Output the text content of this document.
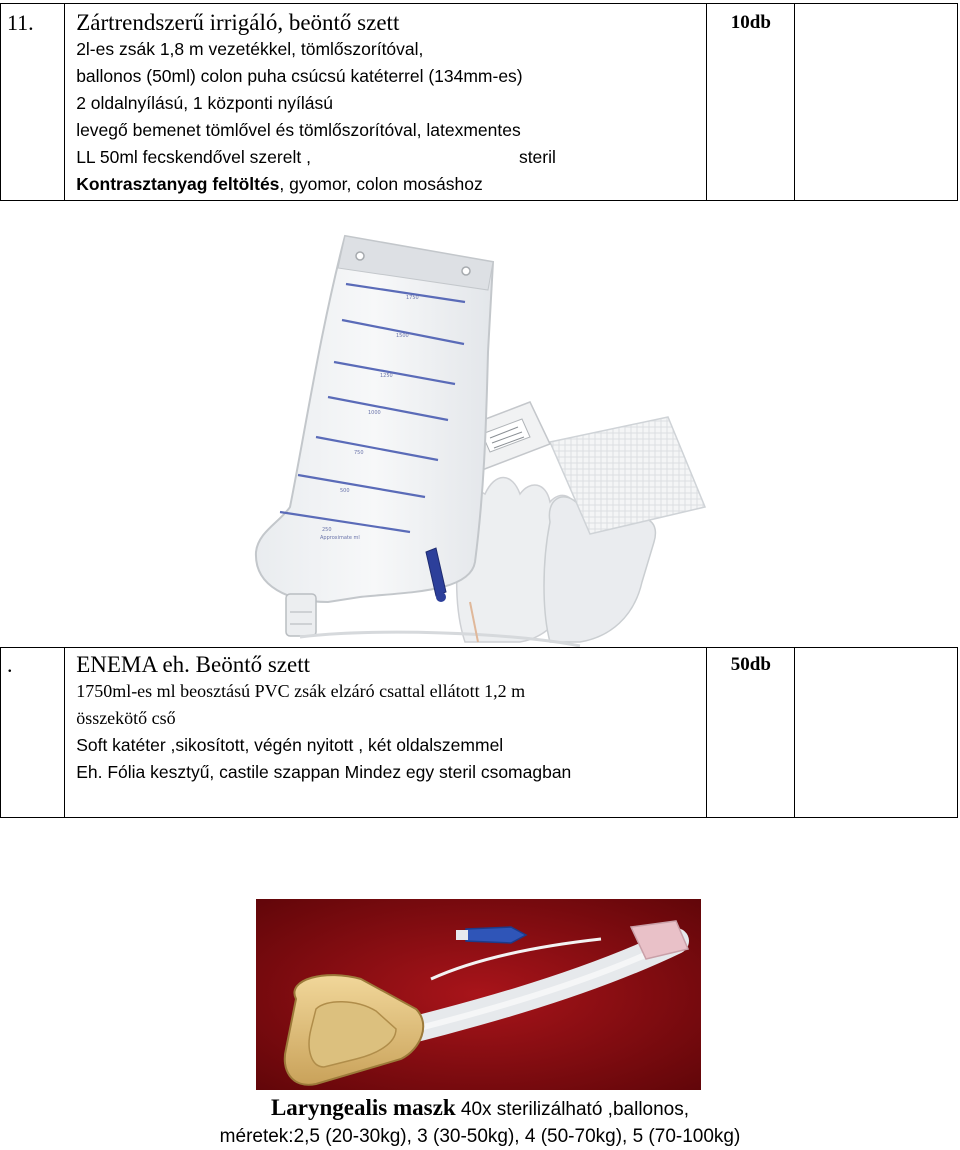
11.	Zártrendszerű irrigáló, beöntő szett
2l-es zsák 1,8 m vezetékkel, tömlőszorítóval,
ballonos (50ml) colon puha csúcsú katéterrel (134mm-es)
2 oldalnyílású, 1 központi nyílású
levegő bemenet tömlővel és tömlőszorítóval, latexmentes
LL 50ml fecskendővel szerelt ,	steril
Kontrasztanyag feltöltés, gyomor, colon mosáshoz
	10db	
1750
1500
1250
1000
750
500
250
Approximate ml
.	ENEMA eh. Beöntő szett
1750ml-es ml beosztású PVC zsák elzáró csattal ellátott 1,2 m
összekötő cső
Soft katéter ,sikosított, végén nyitott , két oldalszemmel
Eh. Fólia kesztyű, castile szappan Mindez egy steril csomagban
	50db	
Laryngealis maszk 40x sterilizálható ,ballonos,
méretek:2,5 (20-30kg), 3 (30-50kg), 4 (50-70kg), 5 (70-100kg)
